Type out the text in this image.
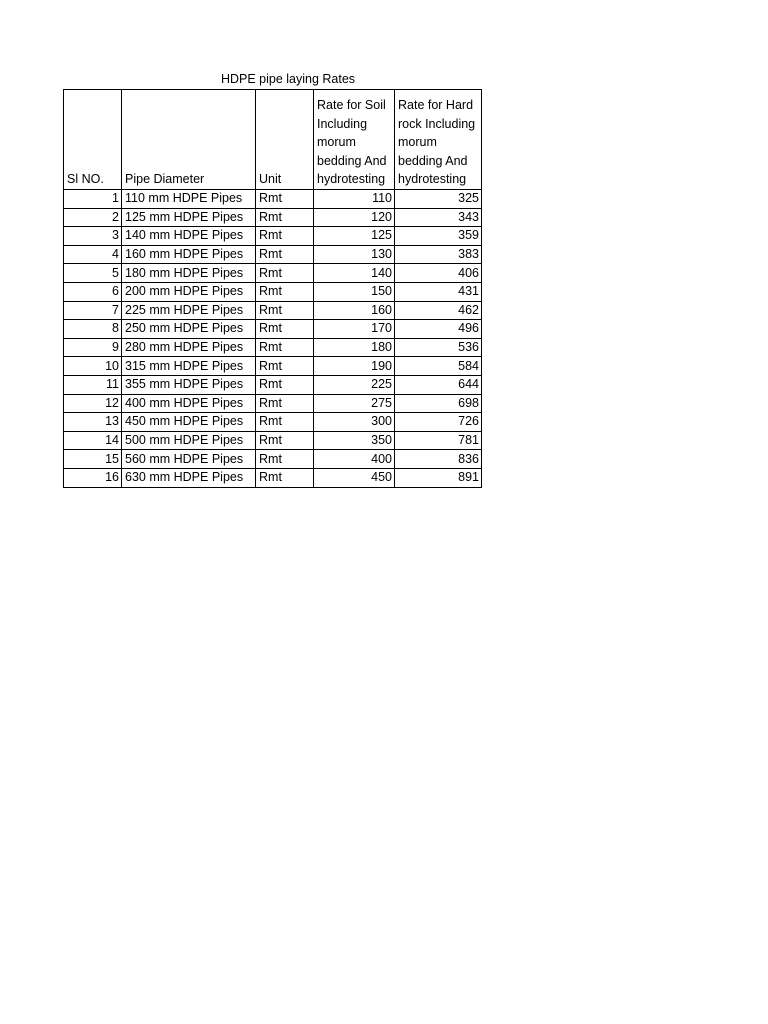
HDPE pipe laying Rates
Sl NO.	Pipe Diameter	Unit	Rate for Soil Including morum bedding And hydrotesting	Rate for Hard rock Including morum bedding And hydrotesting
1	110 mm HDPE Pipes	Rmt	110	325
2	125 mm HDPE Pipes	Rmt	120	343
3	140 mm HDPE Pipes	Rmt	125	359
4	160 mm HDPE Pipes	Rmt	130	383
5	180 mm HDPE Pipes	Rmt	140	406
6	200 mm HDPE Pipes	Rmt	150	431
7	225 mm HDPE Pipes	Rmt	160	462
8	250 mm HDPE Pipes	Rmt	170	496
9	280 mm HDPE Pipes	Rmt	180	536
10	315 mm HDPE Pipes	Rmt	190	584
11	355 mm HDPE Pipes	Rmt	225	644
12	400 mm HDPE Pipes	Rmt	275	698
13	450 mm HDPE Pipes	Rmt	300	726
14	500 mm HDPE Pipes	Rmt	350	781
15	560 mm HDPE Pipes	Rmt	400	836
16	630 mm HDPE Pipes	Rmt	450	891
